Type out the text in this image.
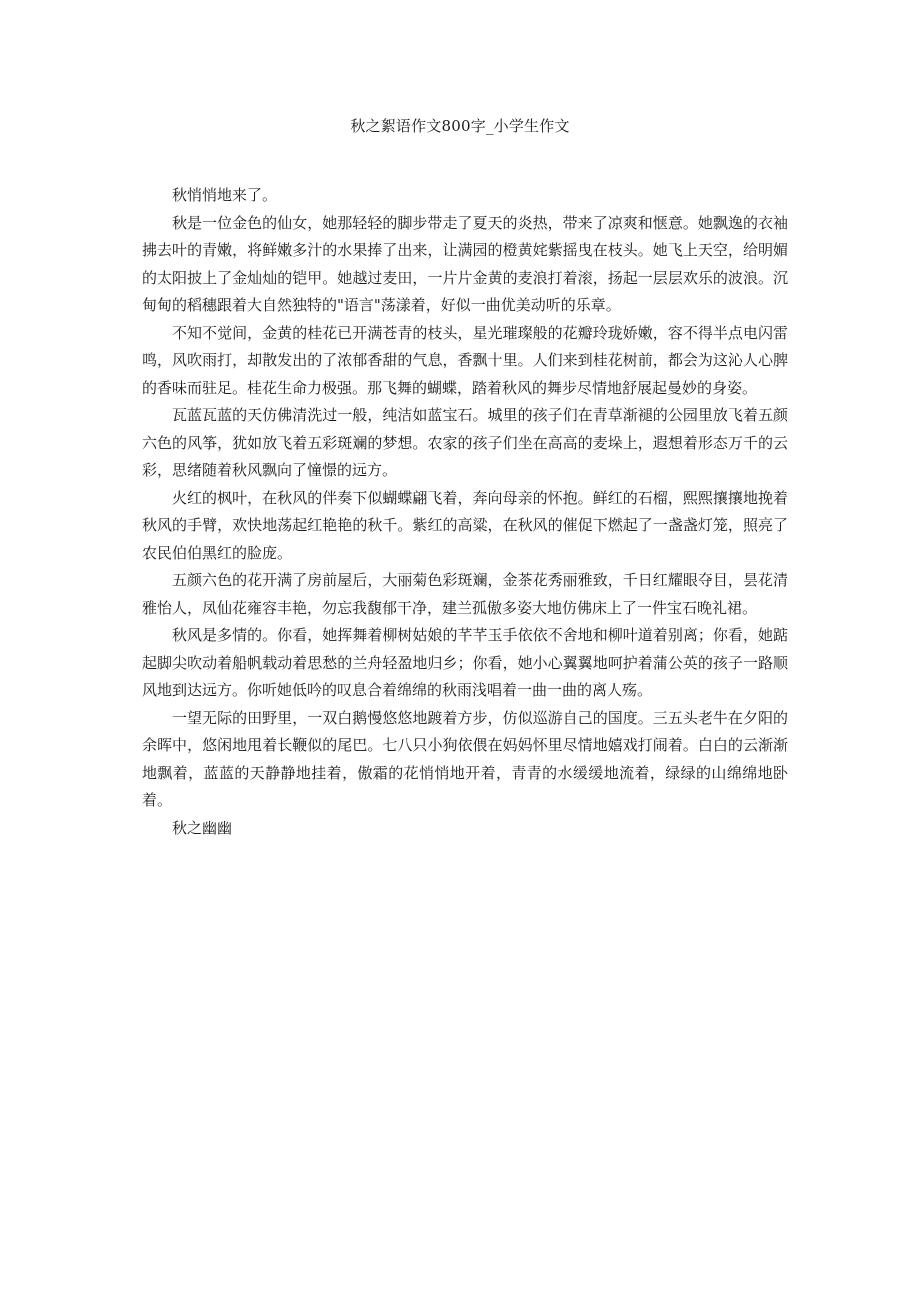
秋之絮语作文800字_小学生作文

秋悄悄地来了。

秋是一位金色的仙女，她那轻轻的脚步带走了夏天的炎热，带来了凉爽和惬意。她飘逸的衣袖拂去叶的青嫩，将鲜嫩多汁的水果捧了出来，让满园的橙黄姹紫摇曳在枝头。她飞上天空，给明媚的太阳披上了金灿灿的铠甲。她越过麦田，一片片金黄的麦浪打着滚，扬起一层层欢乐的波浪。沉甸甸的稻穗跟着大自然独特的"语言"荡漾着，好似一曲优美动听的乐章。

不知不觉间，金黄的桂花已开满苍青的枝头，星光璀璨般的花瓣玲珑娇嫩，容不得半点电闪雷鸣，风吹雨打，却散发出的了浓郁香甜的气息，香飘十里。人们来到桂花树前，都会为这沁人心脾的香味而驻足。桂花生命力极强。那飞舞的蝴蝶，踏着秋风的舞步尽情地舒展起曼妙的身姿。

瓦蓝瓦蓝的天仿佛清洗过一般，纯洁如蓝宝石。城里的孩子们在青草渐褪的公园里放飞着五颜六色的风筝，犹如放飞着五彩斑斓的梦想。农家的孩子们坐在高高的麦垛上，遐想着形态万千的云彩，思绪随着秋风飘向了憧憬的远方。

火红的枫叶，在秋风的伴奏下似蝴蝶翩飞着，奔向母亲的怀抱。鲜红的石榴，熙熙攘攘地挽着秋风的手臂，欢快地荡起红艳艳的秋千。紫红的高粱，在秋风的催促下燃起了一盏盏灯笼，照亮了农民伯伯黑红的脸庞。

五颜六色的花开满了房前屋后，大丽菊色彩斑斓，金茶花秀丽雅致，千日红耀眼夺目，昙花清雅怡人，凤仙花雍容丰艳，勿忘我馥郁干净，建兰孤傲多姿大地仿佛床上了一件宝石晚礼裙。

秋风是多情的。你看，她挥舞着柳树姑娘的芊芊玉手依依不舍地和柳叶道着别离；你看，她踮起脚尖吹动着船帆载动着思愁的兰舟轻盈地归乡；你看，她小心翼翼地呵护着蒲公英的孩子一路顺风地到达远方。你听她低吟的叹息合着绵绵的秋雨浅唱着一曲一曲的离人殇。

一望无际的田野里，一双白鹅慢悠悠地踱着方步，仿似巡游自己的国度。三五头老牛在夕阳的余晖中，悠闲地甩着长鞭似的尾巴。七八只小狗依偎在妈妈怀里尽情地嬉戏打闹着。白白的云渐渐地飘着，蓝蓝的天静静地挂着，傲霜的花悄悄地开着，青青的水缓缓地流着，绿绿的山绵绵地卧着。

秋之幽幽
